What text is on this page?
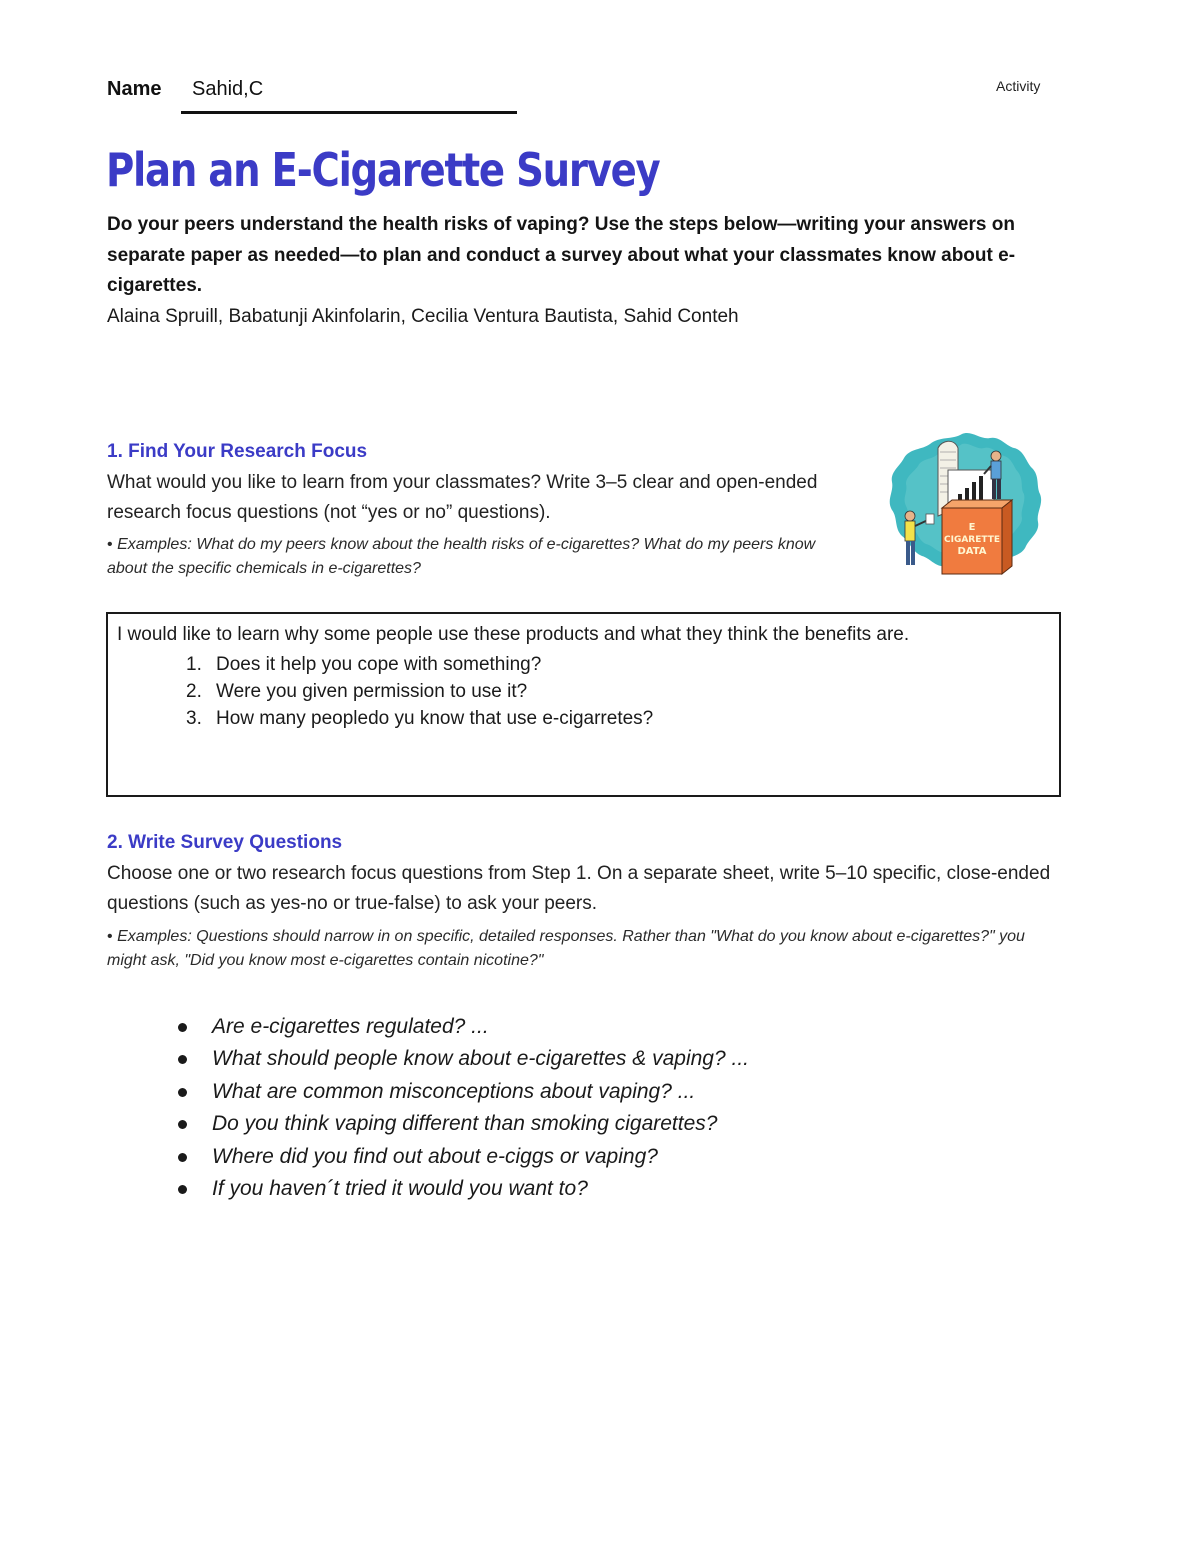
Name Sahid,C	Activity
Plan an E-Cigarette Survey

Do your peers understand the health risks of vaping? Use the steps below—writing your answers on separate paper as needed—to plan and conduct a survey about what your classmates know about e-cigarettes.

Alaina Spruill, Babatunji Akinfolarin, Cecilia Ventura Bautista, Sahid Conteh
1. Find Your Research Focus

What would you like to learn from your classmates? Write 3–5 clear and open-ended research focus questions (not “yes or no” questions).

• Examples: What do my peers know about the health risks of e-cigarettes? What do my peers know about the specific chemicals in e-cigarettes?

E
CIGARETTE
DATA

I would like to learn why some people use these products and what they think the benefits are.

1. Does it help you cope with something?
2. Were you given permission to use it?
3. How many peopledo yu know that use e-cigarretes?
2. Write Survey Questions

Choose one or two research focus questions from Step 1. On a separate sheet, write 5–10 specific, close-ended questions (such as yes-no or true-false) to ask your peers.

• Examples: Questions should narrow in on specific, detailed responses. Rather than "What do you know about e-cigarettes?" you might ask, "Did you know most e-cigarettes contain nicotine?"

Are e-cigarettes regulated? ...
What should people know about e-cigarettes & vaping? ...
What are common misconceptions about vaping? ...
Do you think vaping different than smoking cigarettes?
Where did you find out about e-ciggs or vaping?
If you haven´t tried it would you want to?
